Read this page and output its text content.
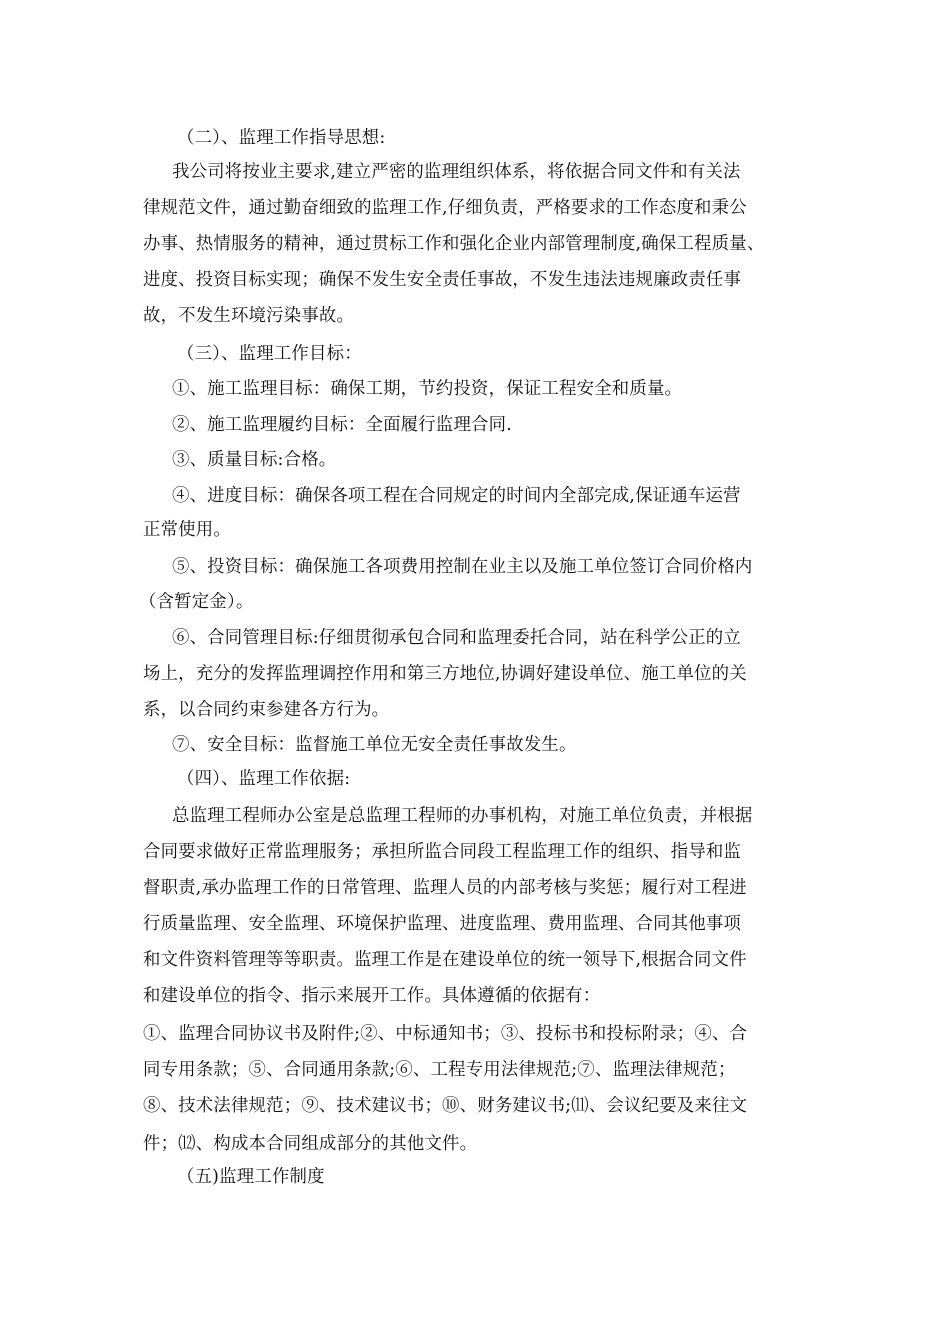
（二）、监理工作指导思想:
我公司将按业主要求,建立严密的监理组织体系，将依据合同文件和有关法
律规范文件，通过勤奋细致的监理工作,仔细负责，严格要求的工作态度和秉公
办事、热情服务的精神，通过贯标工作和强化企业内部管理制度,确保工程质量、
进度、投资目标实现；确保不发生安全责任事故，不发生违法违规廉政责任事
故，不发生环境污染事故。
（三）、监理工作目标：
①、施工监理目标：确保工期，节约投资，保证工程安全和质量。
②、施工监理履约目标：全面履行监理合同.
③、质量目标:合格。
④、进度目标：确保各项工程在合同规定的时间内全部完成,保证通车运营
正常使用。
⑤、投资目标：确保施工各项费用控制在业主以及施工单位签订合同价格内
（含暂定金）。
⑥、合同管理目标:仔细贯彻承包合同和监理委托合同，站在科学公正的立
场上，充分的发挥监理调控作用和第三方地位,协调好建设单位、施工单位的关
系，以合同约束参建各方行为。
⑦、安全目标：监督施工单位无安全责任事故发生。
（四）、监理工作依据:
总监理工程师办公室是总监理工程师的办事机构，对施工单位负责，并根据
合同要求做好正常监理服务；承担所监合同段工程监理工作的组织、指导和监
督职责,承办监理工作的日常管理、监理人员的内部考核与奖惩；履行对工程进
行质量监理、安全监理、环境保护监理、进度监理、费用监理、合同其他事项
和文件资料管理等等职责。监理工作是在建设单位的统一领导下,根据合同文件
和建设单位的指令、指示来展开工作。具体遵循的依据有：
①、监理合同协议书及附件;②、中标通知书；③、投标书和投标附录；④、合
同专用条款；⑤、合同通用条款;⑥、工程专用法律规范;⑦、监理法律规范；
⑧、技术法律规范；⑨、技术建议书；⑩、财务建议书;⑾、会议纪要及来往文
件；⑿、构成本合同组成部分的其他文件。
（五)监理工作制度
